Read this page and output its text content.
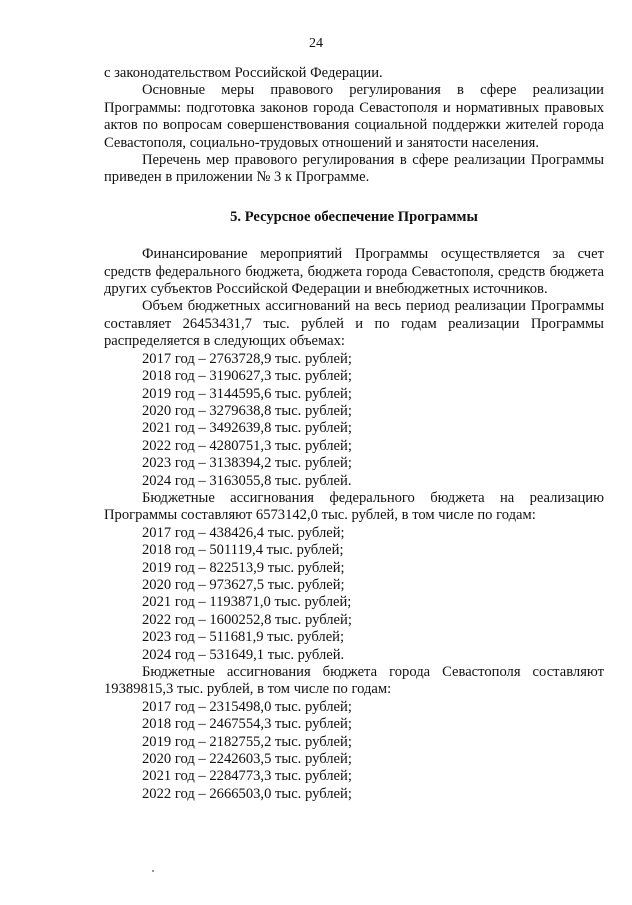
24

с законодательством Российской Федерации.

Основные меры правового регулирования в сфере реализации Программы: подготовка законов города Севастополя и нормативных правовых актов по вопросам совершенствования социальной поддержки жителей города Севастополя, социально-трудовых отношений и занятости населения.

Перечень мер правового регулирования в сфере реализации Программы приведен в приложении № 3 к Программе.

5. Ресурсное обеспечение Программы

Финансирование мероприятий Программы осуществляется за счет средств федерального бюджета, бюджета города Севастополя, средств бюджета других субъектов Российской Федерации и внебюджетных источников.

Объем бюджетных ассигнований на весь период реализации Программы составляет 26453431,7 тыс. рублей и по годам реализации Программы распределяется в следующих объемах:

2017 год – 2763728,9 тыс. рублей;
2018 год – 3190627,3 тыс. рублей;
2019 год – 3144595,6 тыс. рублей;
2020 год – 3279638,8 тыс. рублей;
2021 год – 3492639,8 тыс. рублей;
2022 год – 4280751,3 тыс. рублей;
2023 год – 3138394,2 тыс. рублей;
2024 год – 3163055,8 тыс. рублей.

Бюджетные ассигнования федерального бюджета на реализацию Программы составляют 6573142,0 тыс. рублей, в том числе по годам:

2017 год – 438426,4 тыс. рублей;
2018 год – 501119,4 тыс. рублей;
2019 год – 822513,9 тыс. рублей;
2020 год – 973627,5 тыс. рублей;
2021 год – 1193871,0 тыс. рублей;
2022 год – 1600252,8 тыс. рублей;
2023 год – 511681,9 тыс. рублей;
2024 год – 531649,1 тыс. рублей.

Бюджетные ассигнования бюджета города Севастополя составляют 19389815,3 тыс. рублей, в том числе по годам:

2017 год – 2315498,0 тыс. рублей;
2018 год – 2467554,3 тыс. рублей;
2019 год – 2182755,2 тыс. рублей;
2020 год – 2242603,5 тыс. рублей;
2021 год – 2284773,3 тыс. рублей;
2022 год – 2666503,0 тыс. рублей;
